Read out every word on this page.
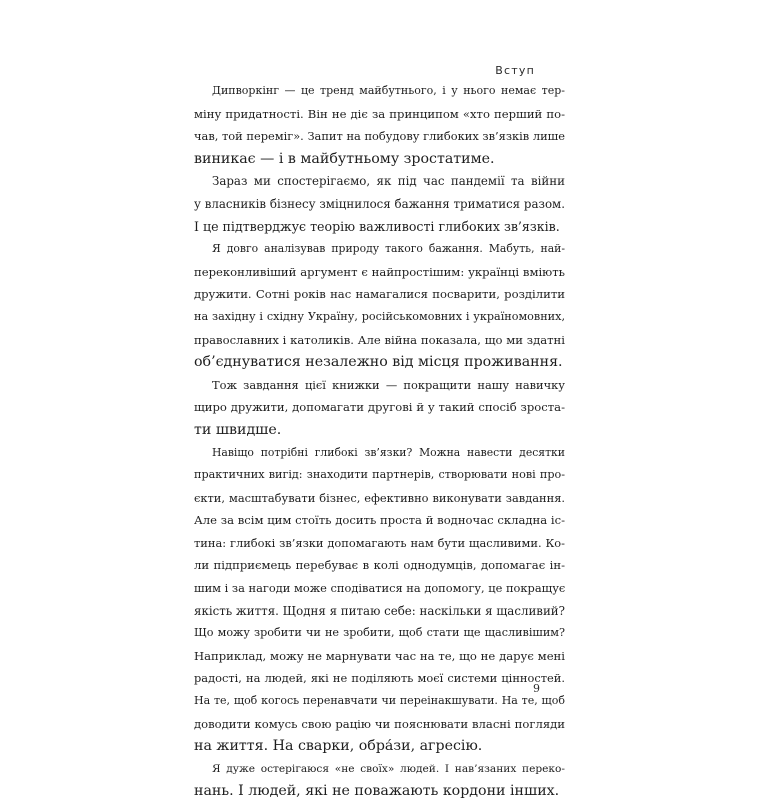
Вступ
Дипворкінг — це тренд майбутнього, і у нього немає тер-
міну придатності. Він не діє за принципом «хто перший по-
чав, той переміг». Запит на побудову глибоких зв’язків лише
виникає — і в майбутньому зростатиме.
Зараз ми спостерігаємо, як під час пандемії та війни
у власників бізнесу зміцнилося бажання триматися разом.
І це підтверджує теорію важливості глибоких зв’язків.
Я довго аналізував природу такого бажання. Мабуть, най-
переконливіший аргумент є найпростішим: українці вміють
дружити. Сотні років нас намагалися посварити, розділити
на західну і східну Україну, російськомовних і україномовних,
православних і католиків. Але війна показала, що ми здатні
об’єднуватися незалежно від місця проживання.
Тож завдання цієї книжки — покращити нашу навичку
щиро дружити, допомагати другові й у такий спосіб зроста-
ти швидше.
Навіщо потрібні глибокі зв’язки? Можна навести десятки
практичних вигід: знаходити партнерів, створювати нові про-
єкти, масштабувати бізнес, ефективно виконувати завдання.
Але за всім цим стоїть досить проста й водночас складна іс-
тина: глибокі зв’язки допомагають нам бути щасливими. Ко-
ли підприємець перебуває в колі однодумців, допомагає ін-
шим і за нагоди може сподіватися на допомогу, це покращує
якість життя. Щодня я питаю себе: наскільки я щасливий?
Що можу зробити чи не зробити, щоб стати ще щасливішим?
Наприклад, можу не марнувати час на те, що не дарує мені
радості, на людей, які не поділяють моєї системи цінностей.
На те, щоб когось перенавчати чи переінакшувати. На те, щоб
доводити комусь свою рацію чи пояснювати власні погляди
на життя. На сварки, обра́зи, агресію.
Я дуже остерігаюся «не своїх» людей. І нав’язаних переко-
нань. І людей, які не поважають кордони інших.
9
